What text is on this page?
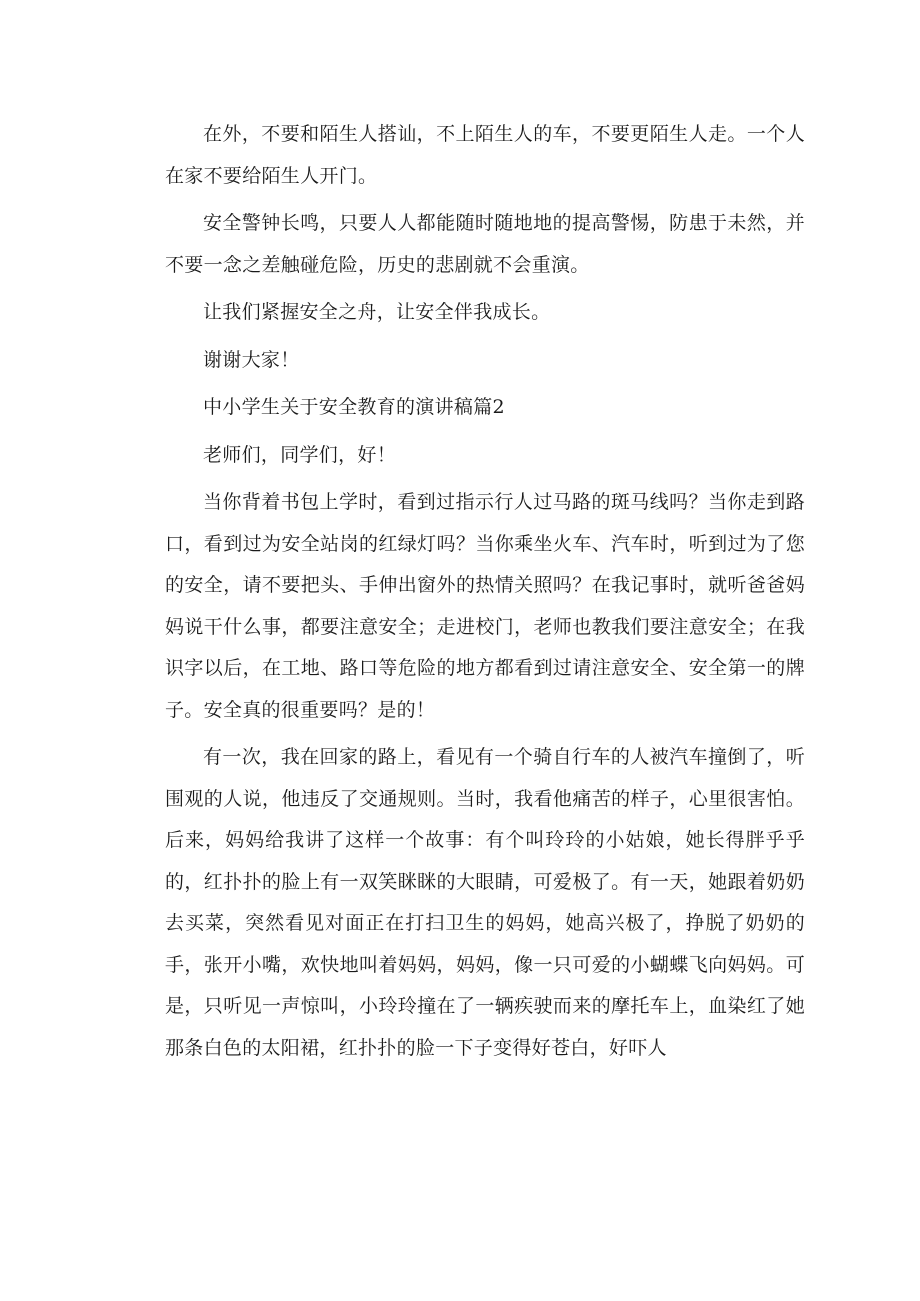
在外，不要和陌生人搭讪，不上陌生人的车，不要更陌生人走。一个人在家不要给陌生人开门。

安全警钟长鸣，只要人人都能随时随地地的提高警惕，防患于未然，并不要一念之差触碰危险，历史的悲剧就不会重演。

让我们紧握安全之舟，让安全伴我成长。

谢谢大家！

中小学生关于安全教育的演讲稿篇2

老师们，同学们，好！

当你背着书包上学时，看到过指示行人过马路的斑马线吗？当你走到路口，看到过为安全站岗的红绿灯吗？当你乘坐火车、汽车时，听到过为了您的安全，请不要把头、手伸出窗外的热情关照吗？在我记事时，就听爸爸妈妈说干什么事，都要注意安全；走进校门，老师也教我们要注意安全；在我识字以后，在工地、路口等危险的地方都看到过请注意安全、安全第一的牌子。安全真的很重要吗？是的！

有一次，我在回家的路上，看见有一个骑自行车的人被汽车撞倒了，听围观的人说，他违反了交通规则。当时，我看他痛苦的样子，心里很害怕。后来，妈妈给我讲了这样一个故事：有个叫玲玲的小姑娘，她长得胖乎乎的，红扑扑的脸上有一双笑眯眯的大眼睛，可爱极了。有一天，她跟着奶奶去买菜，突然看见对面正在打扫卫生的妈妈，她高兴极了，挣脱了奶奶的手，张开小嘴，欢快地叫着妈妈，妈妈，像一只可爱的小蝴蝶飞向妈妈。可是，只听见一声惊叫，小玲玲撞在了一辆疾驶而来的摩托车上，血染红了她那条白色的太阳裙，红扑扑的脸一下子变得好苍白，好吓人
